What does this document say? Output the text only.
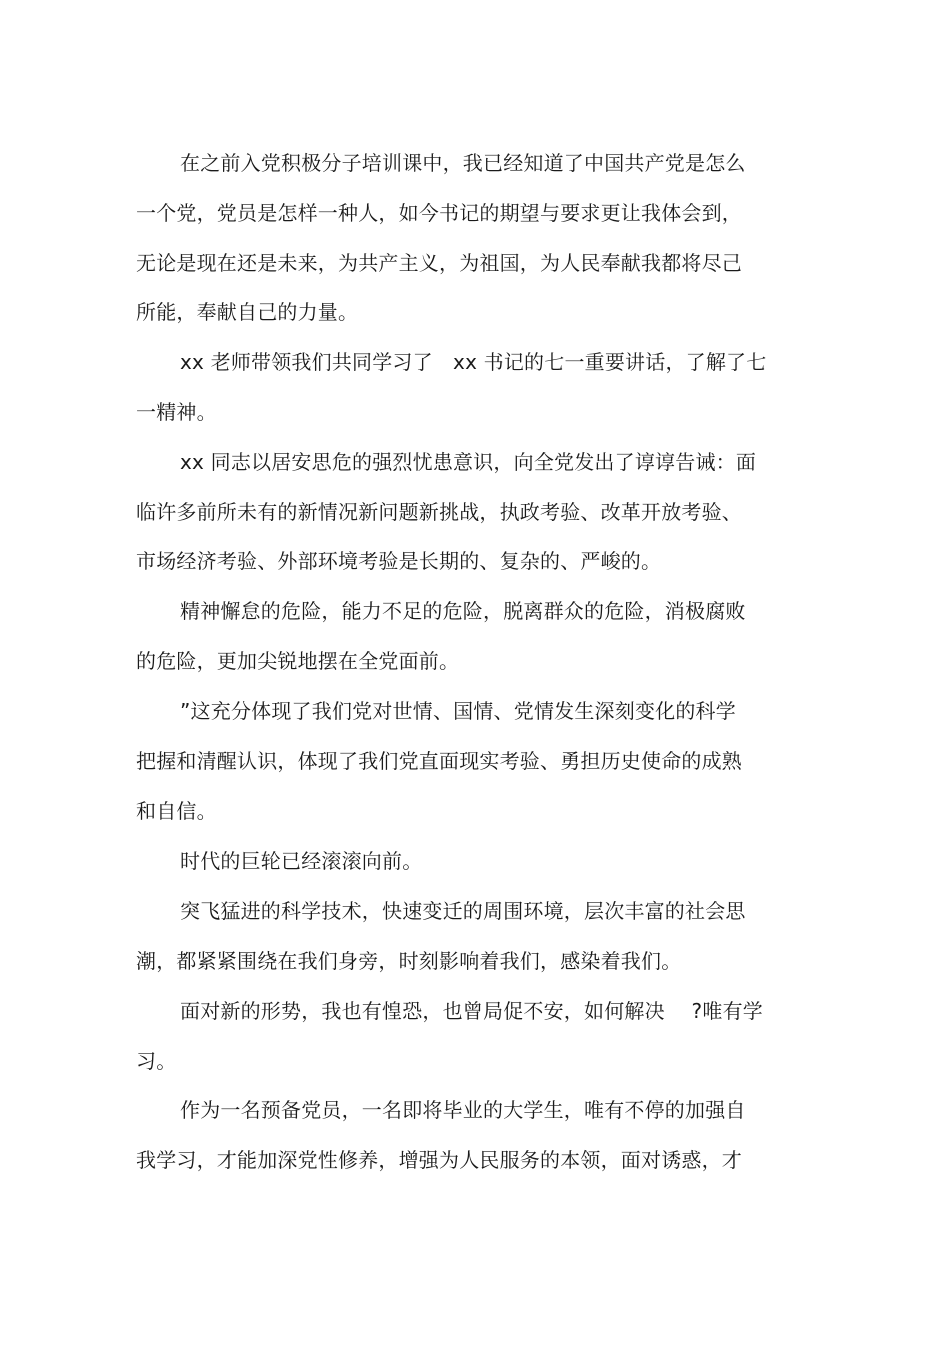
在之前入党积极分子培训课中，我已经知道了中国共产党是怎么
一个党，党员是怎样一种人，如今书记的期望与要求更让我体会到，
无论是现在还是未来，为共产主义，为祖国，为人民奉献我都将尽己
所能，奉献自己的力量。
xx 老师带领我们共同学习了　xx 书记的七一重要讲话，了解了七
一精神。
xx 同志以居安思危的强烈忧患意识，向全党发出了谆谆告诫：面
临许多前所未有的新情况新问题新挑战，执政考验、改革开放考验、
市场经济考验、外部环境考验是长期的、复杂的、严峻的。
精神懈怠的危险，能力不足的危险，脱离群众的危险，消极腐败
的危险，更加尖锐地摆在全党面前。
”这充分体现了我们党对世情、国情、党情发生深刻变化的科学
把握和清醒认识，体现了我们党直面现实考验、勇担历史使命的成熟
和自信。
时代的巨轮已经滚滚向前。
突飞猛进的科学技术，快速变迁的周围环境，层次丰富的社会思
潮，都紧紧围绕在我们身旁，时刻影响着我们，感染着我们。
面对新的形势，我也有惶恐，也曾局促不安，如何解决　 ?唯有学
习。
作为一名预备党员，一名即将毕业的大学生，唯有不停的加强自
我学习，才能加深党性修养，增强为人民服务的本领，面对诱惑，才
